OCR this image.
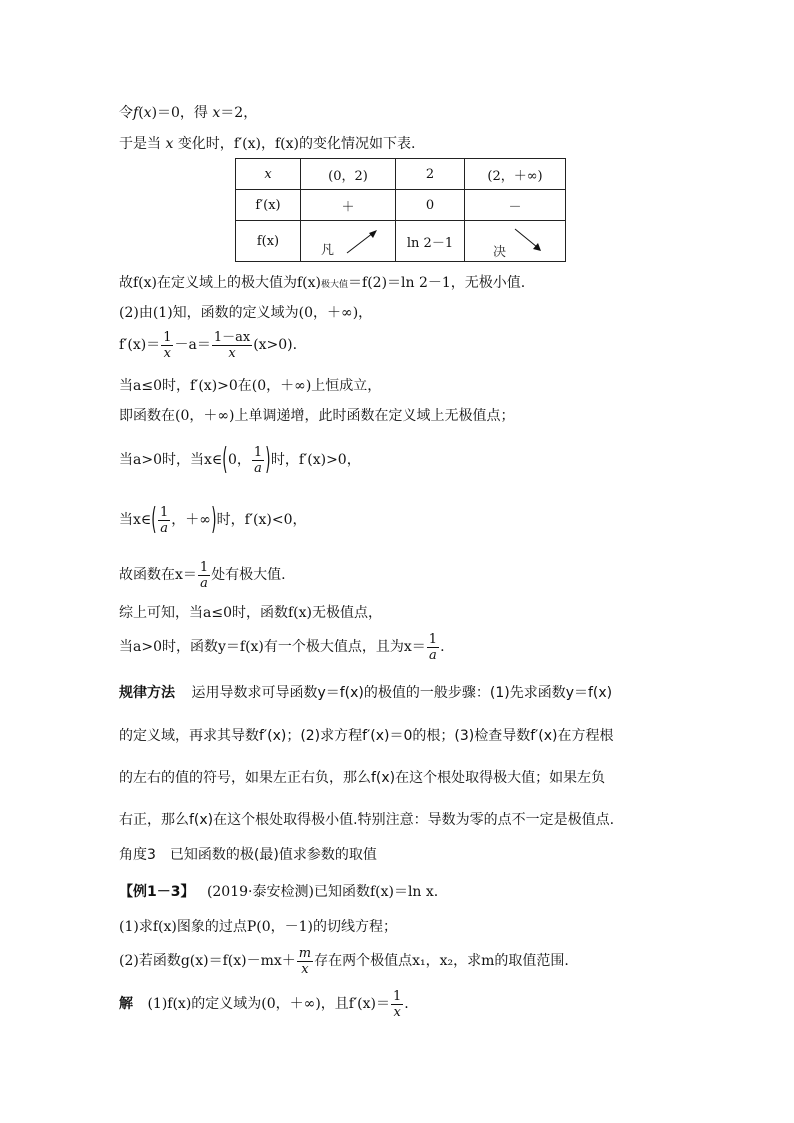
令f(x)＝0，得 x＝2，
于是当 x 变化时，f′(x)，f(x)的变化情况如下表.
x	(0，2)	2	(2，＋∞)
f′(x)	＋	0	－
f(x)	凡	ln 2－1	决
故f(x)在定义域上的极大值为f(x)极大值＝f(2)＝ln 2－1，无极小值.
(2)由(1)知，函数的定义域为(0，＋∞)，
$f'(x)= \frac{1}{x} -a= \frac{1-ax}{x} (x>0)$.
当a≤0时，f′(x)>0在(0，＋∞)上恒成立，
即函数在(0，＋∞)上单调递增，此时函数在定义域上无极值点；
当a>0时，当x∈(0， $\frac{1}{a}$ )时，f′(x)>0，
当x∈( $\frac{1}{a}$ ，＋∞)时，f′(x)<0，
故函数在$x= \frac{1}{a}$ 处有极大值.
综上可知，当a≤0时，函数f(x)无极值点，
当a>0时，函数y＝f(x)有一个极大值点，且为$x= \frac{1}{a}$ .
规律方法 运用导数求可导函数y＝f(x)的极值的一般步骤：(1)先求函数y＝f(x)
的定义域，再求其导数f′(x)；(2)求方程f′(x)＝0的根；(3)检查导数f′(x)在方程根
的左右的值的符号，如果左正右负，那么f(x)在这个根处取得极大值；如果左负
右正，那么f(x)在这个根处取得极小值.特别注意：导数为零的点不一定是极值点.
角度3　已知函数的极(最)值求参数的取值
【例1－3】 (2019·泰安检测)已知函数f(x)＝ln x.
(1)求f(x)图象的过点P(0，－1)的切线方程；
(2)若函数$g(x)=f(x)-mx+ \frac{m}{x}$ 存在两个极值点x₁，x₂，求m的取值范围.
解 (1)f(x)的定义域为(0，＋∞)，且$f'(x)= \frac{1}{x}$ .
